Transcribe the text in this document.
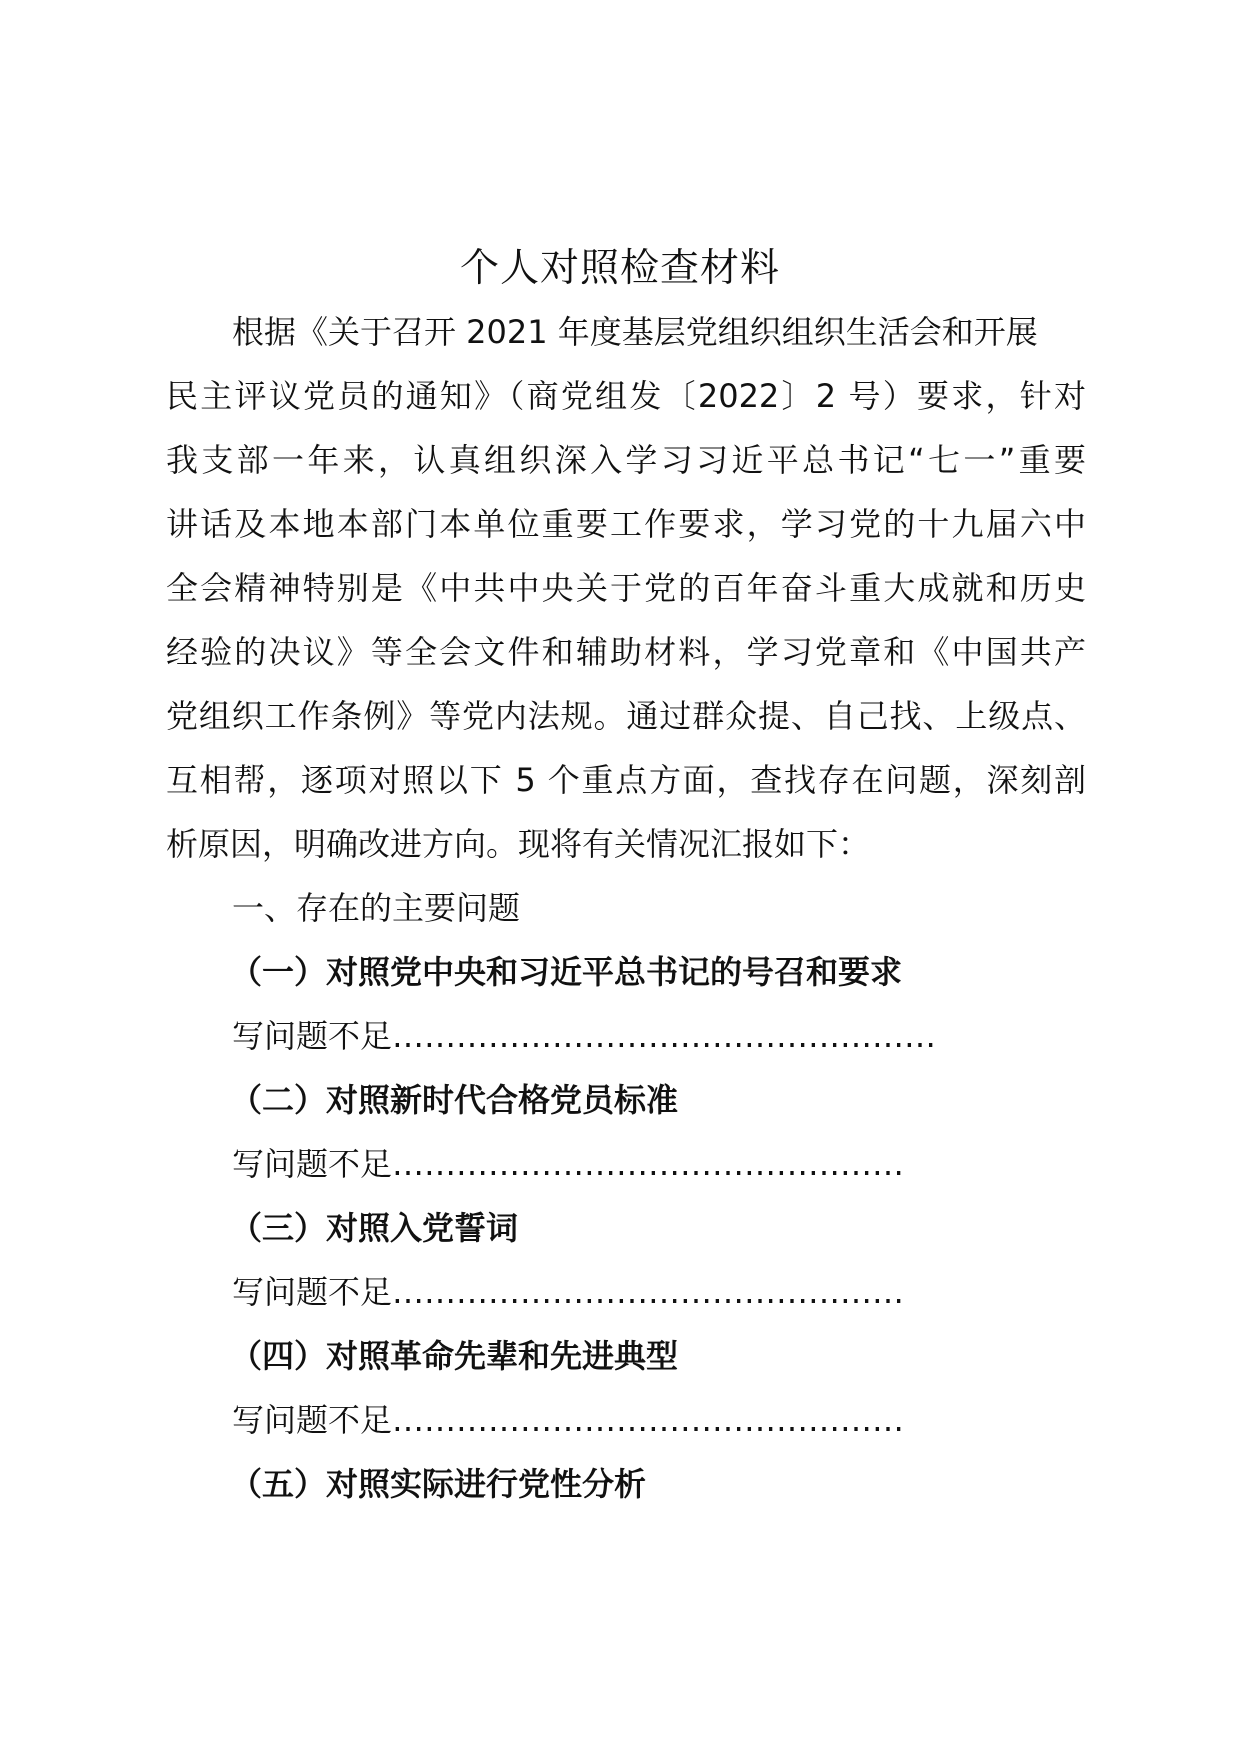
个人对照检查材料
根据《关于召开 2021 年度基层党组织组织生活会和开展
民主评议党员的通知》（商党组发〔2022〕2 号）要求，针对
我支部一年来，认真组织深入学习习近平总书记“七一”重要
讲话及本地本部门本单位重要工作要求，学习党的十九届六中
全会精神特别是《中共中央关于党的百年奋斗重大成就和历史
经验的决议》等全会文件和辅助材料，学习党章和《中国共产
党组织工作条例》等党内法规。通过群众提、自己找、上级点、
互相帮，逐项对照以下 5 个重点方面，查找存在问题，深刻剖
析原因，明确改进方向。现将有关情况汇报如下：
一、存在的主要问题
（一）对照党中央和习近平总书记的号召和要求
写问题不足……………………………………………
（二）对照新时代合格党员标准
写问题不足…………………………………………
（三）对照入党誓词
写问题不足…………………………………………
（四）对照革命先辈和先进典型
写问题不足…………………………………………
（五）对照实际进行党性分析
